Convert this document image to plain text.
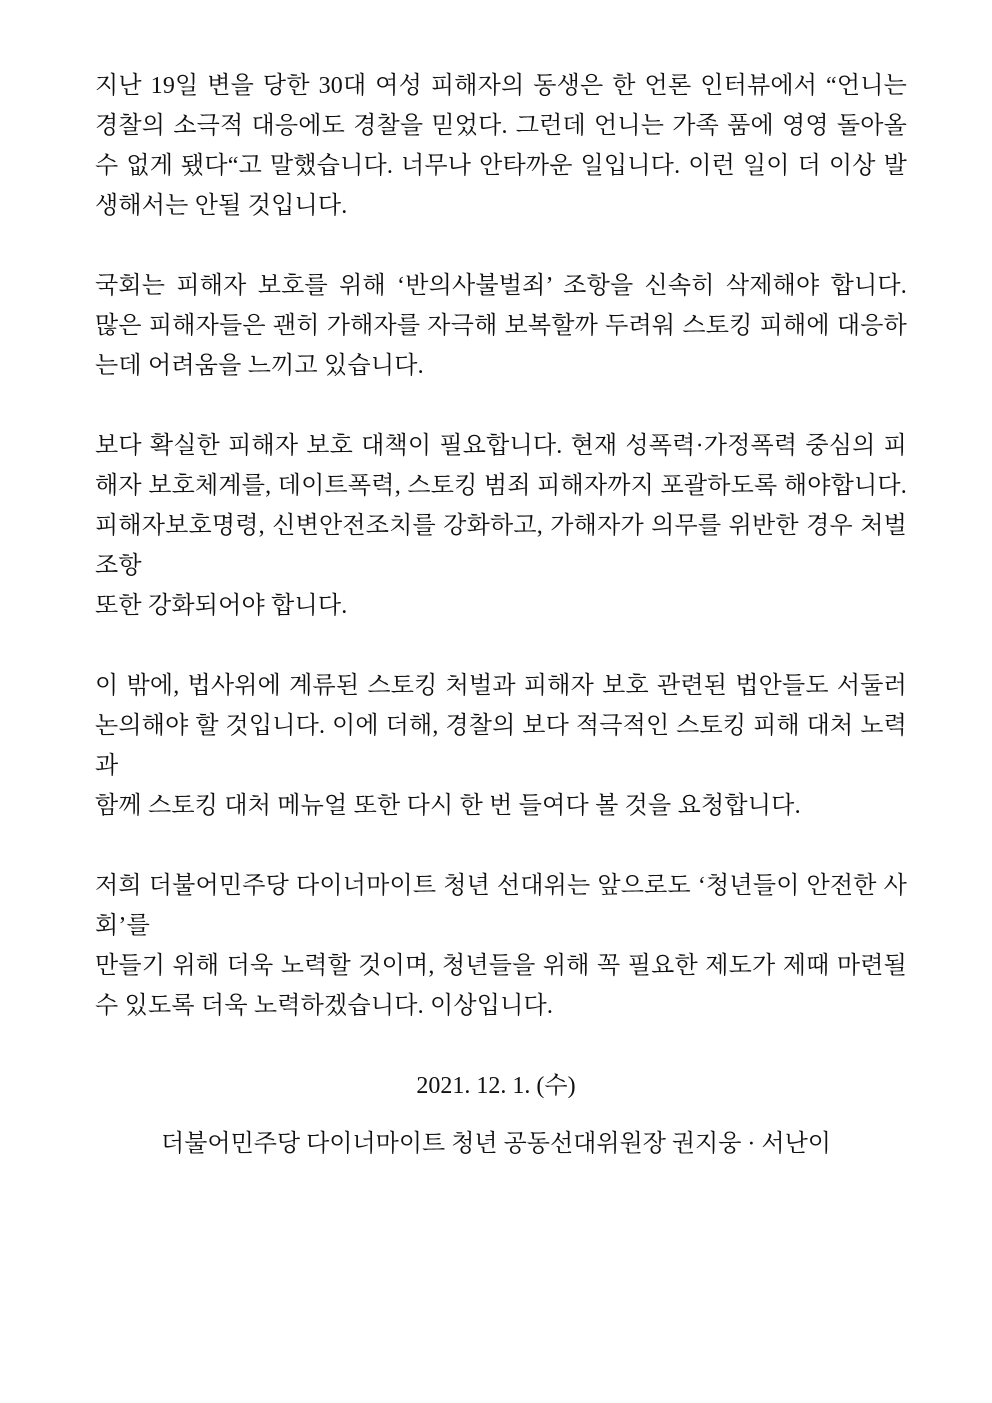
지난 19일 변을 당한 30대 여성 피해자의 동생은 한 언론 인터뷰에서 “언니는
경찰의 소극적 대응에도 경찰을 믿었다. 그런데 언니는 가족 품에 영영 돌아올
수 없게 됐다“고 말했습니다. 너무나 안타까운 일입니다. 이런 일이 더 이상 발
생해서는 안될 것입니다.
국회는 피해자 보호를 위해 ‘반의사불벌죄’ 조항을 신속히 삭제해야 합니다.
많은 피해자들은 괜히 가해자를 자극해 보복할까 두려워 스토킹 피해에 대응하
는데 어려움을 느끼고 있습니다.
보다 확실한 피해자 보호 대책이 필요합니다. 현재 성폭력·가정폭력 중심의 피
해자 보호체계를, 데이트폭력, 스토킹 범죄 피해자까지 포괄하도록 해야합니다.
피해자보호명령, 신변안전조치를 강화하고, 가해자가 의무를 위반한 경우 처벌조항
또한 강화되어야 합니다.
이 밖에, 법사위에 계류된 스토킹 처벌과 피해자 보호 관련된 법안들도 서둘러
논의해야 할 것입니다. 이에 더해, 경찰의 보다 적극적인 스토킹 피해 대처 노력과
함께 스토킹 대처 메뉴얼 또한 다시 한 번 들여다 볼 것을 요청합니다.
저희 더불어민주당 다이너마이트 청년 선대위는 앞으로도 ‘청년들이 안전한 사회’를
만들기 위해 더욱 노력할 것이며, 청년들을 위해 꼭 필요한 제도가 제때 마련될
수 있도록 더욱 노력하겠습니다. 이상입니다.
2021. 12. 1. (수)
더불어민주당 다이너마이트 청년 공동선대위원장 권지웅 · 서난이
